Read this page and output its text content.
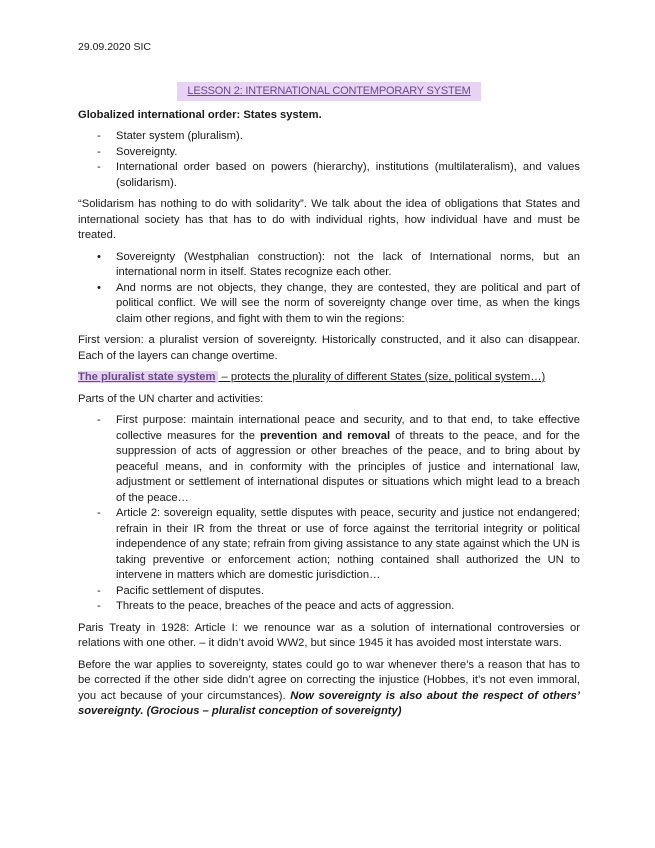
29.09.2020 SIC
LESSON 2: INTERNATIONAL CONTEMPORARY SYSTEM
Globalized international order: States system.
- Stater system (pluralism).
- Sovereignty.
- International order based on powers (hierarchy), institutions (multilateralism), and values (solidarism).

“Solidarism has nothing to do with solidarity”. We talk about the idea of obligations that States and international society has that has to do with individual rights, how individual have and must be treated.

• Sovereignty (Westphalian construction): not the lack of International norms, but an international norm in itself. States recognize each other.
• And norms are not objects, they change, they are contested, they are political and part of political conflict. We will see the norm of sovereignty change over time, as when the kings claim other regions, and fight with them to win the regions:

First version: a pluralist version of sovereignty. Historically constructed, and it also can disappear. Each of the layers can change overtime.

The pluralist state system – protects the plurality of different States (size, political system…)

Parts of the UN charter and activities:

- First purpose: maintain international peace and security, and to that end, to take effective collective measures for the prevention and removal of threats to the peace, and for the suppression of acts of aggression or other breaches of the peace, and to bring about by peaceful means, and in conformity with the principles of justice and international law, adjustment or settlement of international disputes or situations which might lead to a breach of the peace…
- Article 2: sovereign equality, settle disputes with peace, security and justice not endangered; refrain in their IR from the threat or use of force against the territorial integrity or political independence of any state; refrain from giving assistance to any state against which the UN is taking preventive or enforcement action; nothing contained shall authorized the UN to intervene in matters which are domestic jurisdiction…
- Pacific settlement of disputes.
- Threats to the peace, breaches of the peace and acts of aggression.

Paris Treaty in 1928: Article I: we renounce war as a solution of international controversies or relations with one other. – it didn’t avoid WW2, but since 1945 it has avoided most interstate wars.

Before the war applies to sovereignty, states could go to war whenever there’s a reason that has to be corrected if the other side didn’t agree on correcting the injustice (Hobbes, it’s not even immoral, you act because of your circumstances). Now sovereignty is also about the respect of others’ sovereignty. (Grocious – pluralist conception of sovereignty)
